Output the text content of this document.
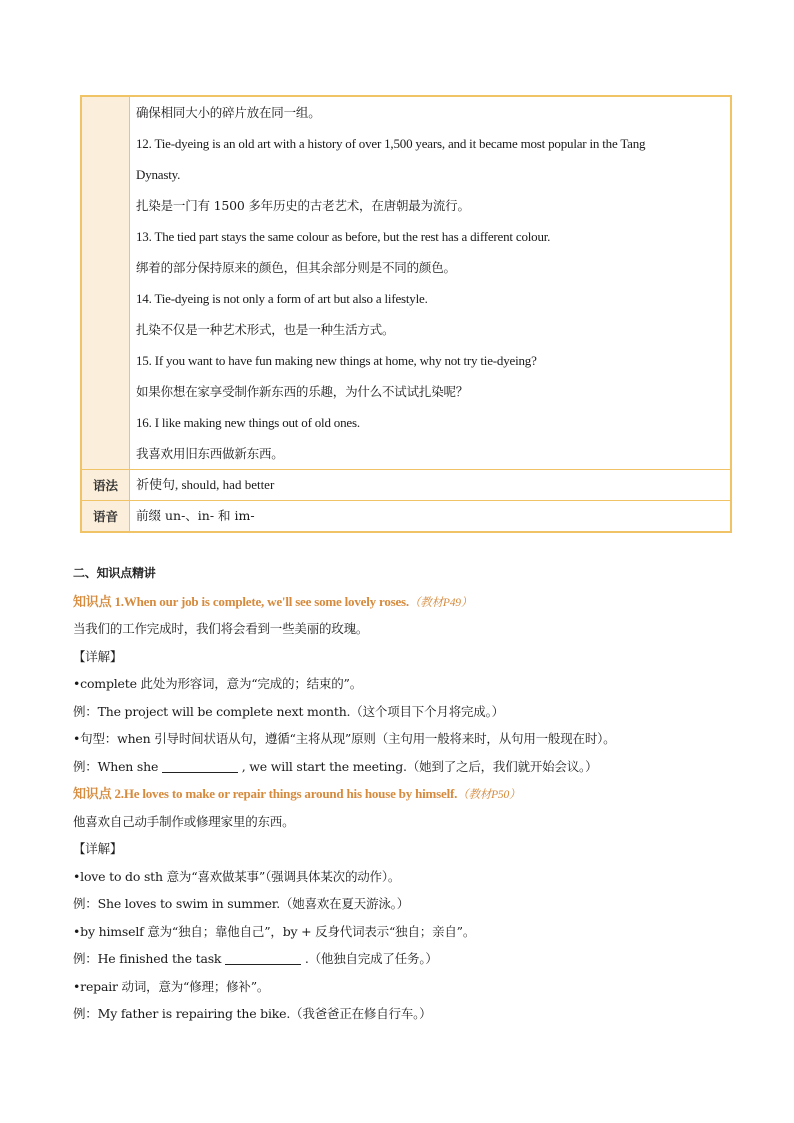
确保相同大小的碎片放在同一组。
12. Tie-dyeing is an old art with a history of over 1,500 years, and it became most popular in the Tang
Dynasty.
扎染是一门有 1500 多年历史的古老艺术，在唐朝最为流行。
13. The tied part stays the same colour as before, but the rest has a different colour.
绑着的部分保持原来的颜色，但其余部分则是不同的颜色。
14. Tie-dyeing is not only a form of art but also a lifestyle.
扎染不仅是一种艺术形式，也是一种生活方式。
15. If you want to have fun making new things at home, why not try tie-dyeing?
如果你想在家享受制作新东西的乐趣，为什么不试试扎染呢？
16. I like making new things out of old ones.
我喜欢用旧东西做新东西。
语法	祈使句, should, had better
语音	前缀 un-、in- 和 im-
二、知识点精讲
知识点 1.When our job is complete, we'll see some lovely roses.（教材P49）
当我们的工作完成时，我们将会看到一些美丽的玫瑰。
【详解】
•complete 此处为形容词，意为“完成的；结束的”。
例：The project will be complete next month.（这个项目下个月将完成。）
•句型：when 引导时间状语从句，遵循“主将从现”原则（主句用一般将来时，从句用一般现在时）。
例：When she	, we will start the meeting.（她到了之后，我们就开始会议。）
知识点 2.He loves to make or repair things around his house by himself.（教材P50）
他喜欢自己动手制作或修理家里的东西。
【详解】
•love to do sth 意为“喜欢做某事”（强调具体某次的动作）。
例：She loves to swim in summer.（她喜欢在夏天游泳。）
•by himself 意为“独自；靠他自己”，by + 反身代词表示“独自；亲自”。
例：He finished the task	.（他独自完成了任务。）
•repair 动词，意为“修理；修补”。
例：My father is repairing the bike.（我爸爸正在修自行车。）
